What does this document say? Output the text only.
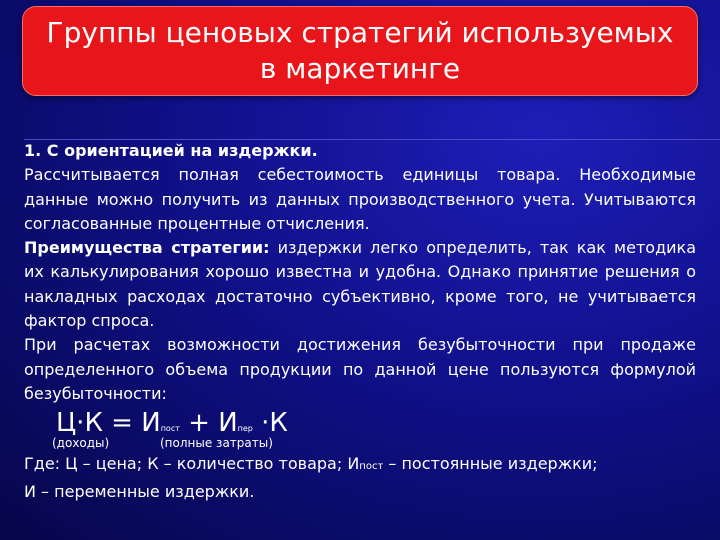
Группы ценовых стратегий используемых в маркетинге

1. С ориентацией на издержки.

Рассчитывается полная себестоимость единицы товара. Необходимые данные можно получить из данных производственного учета. Учитываются согласованные процентные отчисления.

Преимущества стратегии: издержки легко определить, так как методика их калькулирования хорошо известна и удобна. Однако принятие решения о накладных расходах достаточно субъективно, кроме того, не учитывается фактор спроса.

При расчетах возможности достижения безубыточности при продаже определенного объема продукции по данной цене пользуются формулой безубыточности:

Ц·К = Ипост + Ипер ·К
(доходы)	(полные затраты)

Где: Ц – цена; К – количество товара; Ипост – постоянные издержки;

И – переменные издержки.
